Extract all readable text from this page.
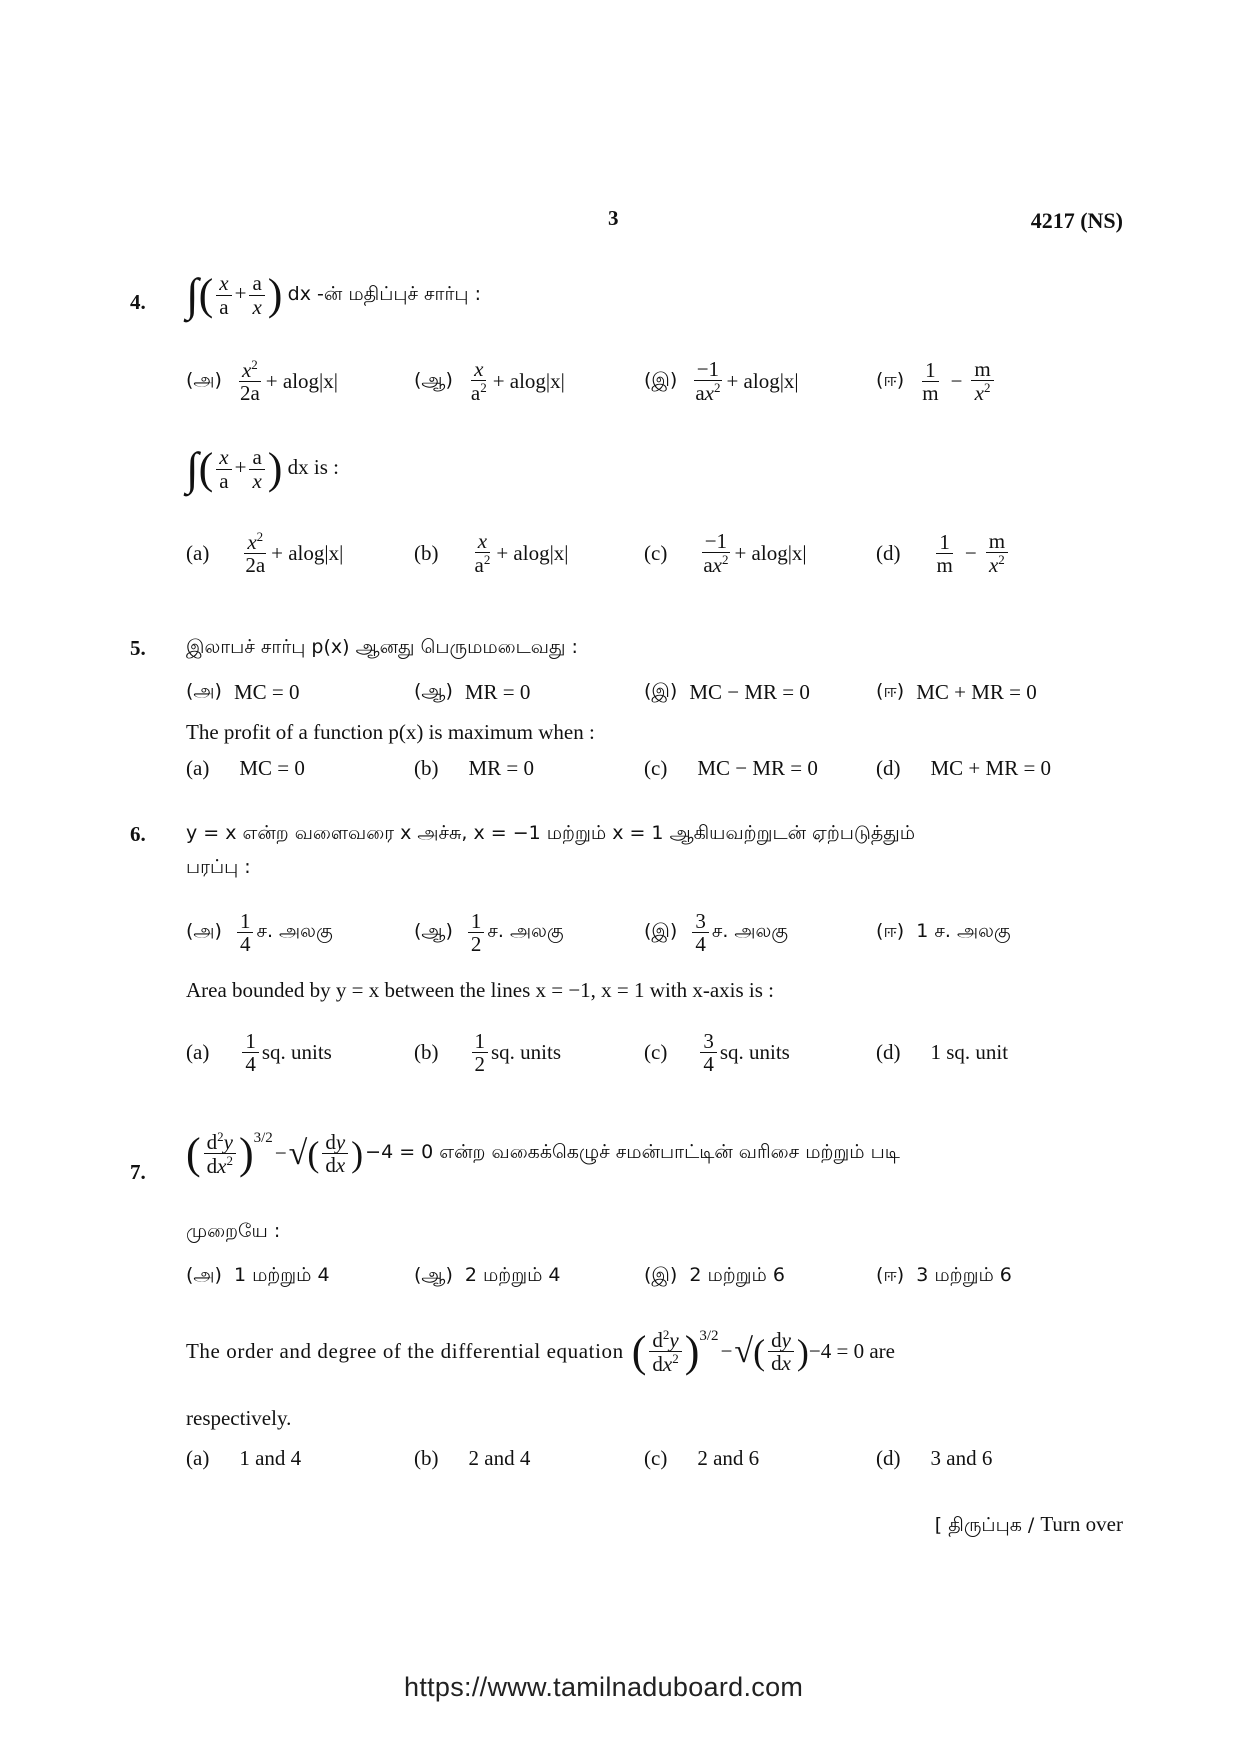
3	4217 (NS)
4. ∫( $\frac{x}{a} + \frac{a}{x}$ ) dx -ன் மதிப்புச் சார்பு :
(அ) $\frac{x^2}{2a} + alog|x|$	(ஆ) $\frac{x}{a^2} + alog|x|$	(இ) $\frac{-1}{ax^2} + alog|x|$	(ஈ) $\frac{1}{m} - \frac{m}{x^2}$
∫( $\frac{x}{a} + \frac{a}{x}$ ) dx is :
$(a) \frac{x^2}{2a} + alog|x|$	$(b) \frac{x}{a^2} + alog|x|$	$(c) \frac{-1}{ax^2} + alog|x|$	$(d) \frac{1}{m} - \frac{m}{x^2}$
5. இலாபச் சார்பு p(x) ஆனது பெருமமடைவது :
(அ) MC = 0	(ஆ) MR = 0	(இ) MC − MR = 0	(ஈ) MC + MR = 0
The profit of a function p(x) is maximum when :
(a) MC = 0	(b) MR = 0	(c) MC − MR = 0	(d) MC + MR = 0
6. y = x என்ற வளைவரை x அச்சு, x = −1 மற்றும் x = 1 ஆகியவற்றுடன் ஏற்படுத்தும்
பரப்பு :
(அ) $\frac{1}{4}$ ச. அலகு	(ஆ) $\frac{1}{2}$ ச. அலகு	(இ) $\frac{3}{4}$ ச. அலகு	(ஈ) 1 ச. அலகு
Area bounded by y = x between the lines x = −1, x = 1 with x-axis is :
$(a) \frac{1}{4}$ sq. units	$(b) \frac{1}{2}$ sq. units	$(c) \frac{3}{4}$ sq. units	(d) 1 sq. unit
7. ( $\frac{d^2y}{dx^2} )^{3/2}$
− √ ( $\frac{dy}{dx}$ ) −4 = 0 என்ற வகைக்கெழுச் சமன்பாட்டின் வரிசை மற்றும் படி
முறையே :
(அ) 1 மற்றும் 4	(ஆ) 2 மற்றும் 4	(இ) 2 மற்றும் 6	(ஈ) 3 மற்றும் 6
The order and degree of the differential equation ( $\frac{d^2y}{dx^2} )^{3/2}$
− √ ( $\frac{dy}{dx}$ ) −4 = 0 are
respectively.
(a) 1 and 4	(b) 2 and 4	(c) 2 and 6	(d) 3 and 6
[ திருப்புக / Turn over
https://www.tamilnaduboard.com
